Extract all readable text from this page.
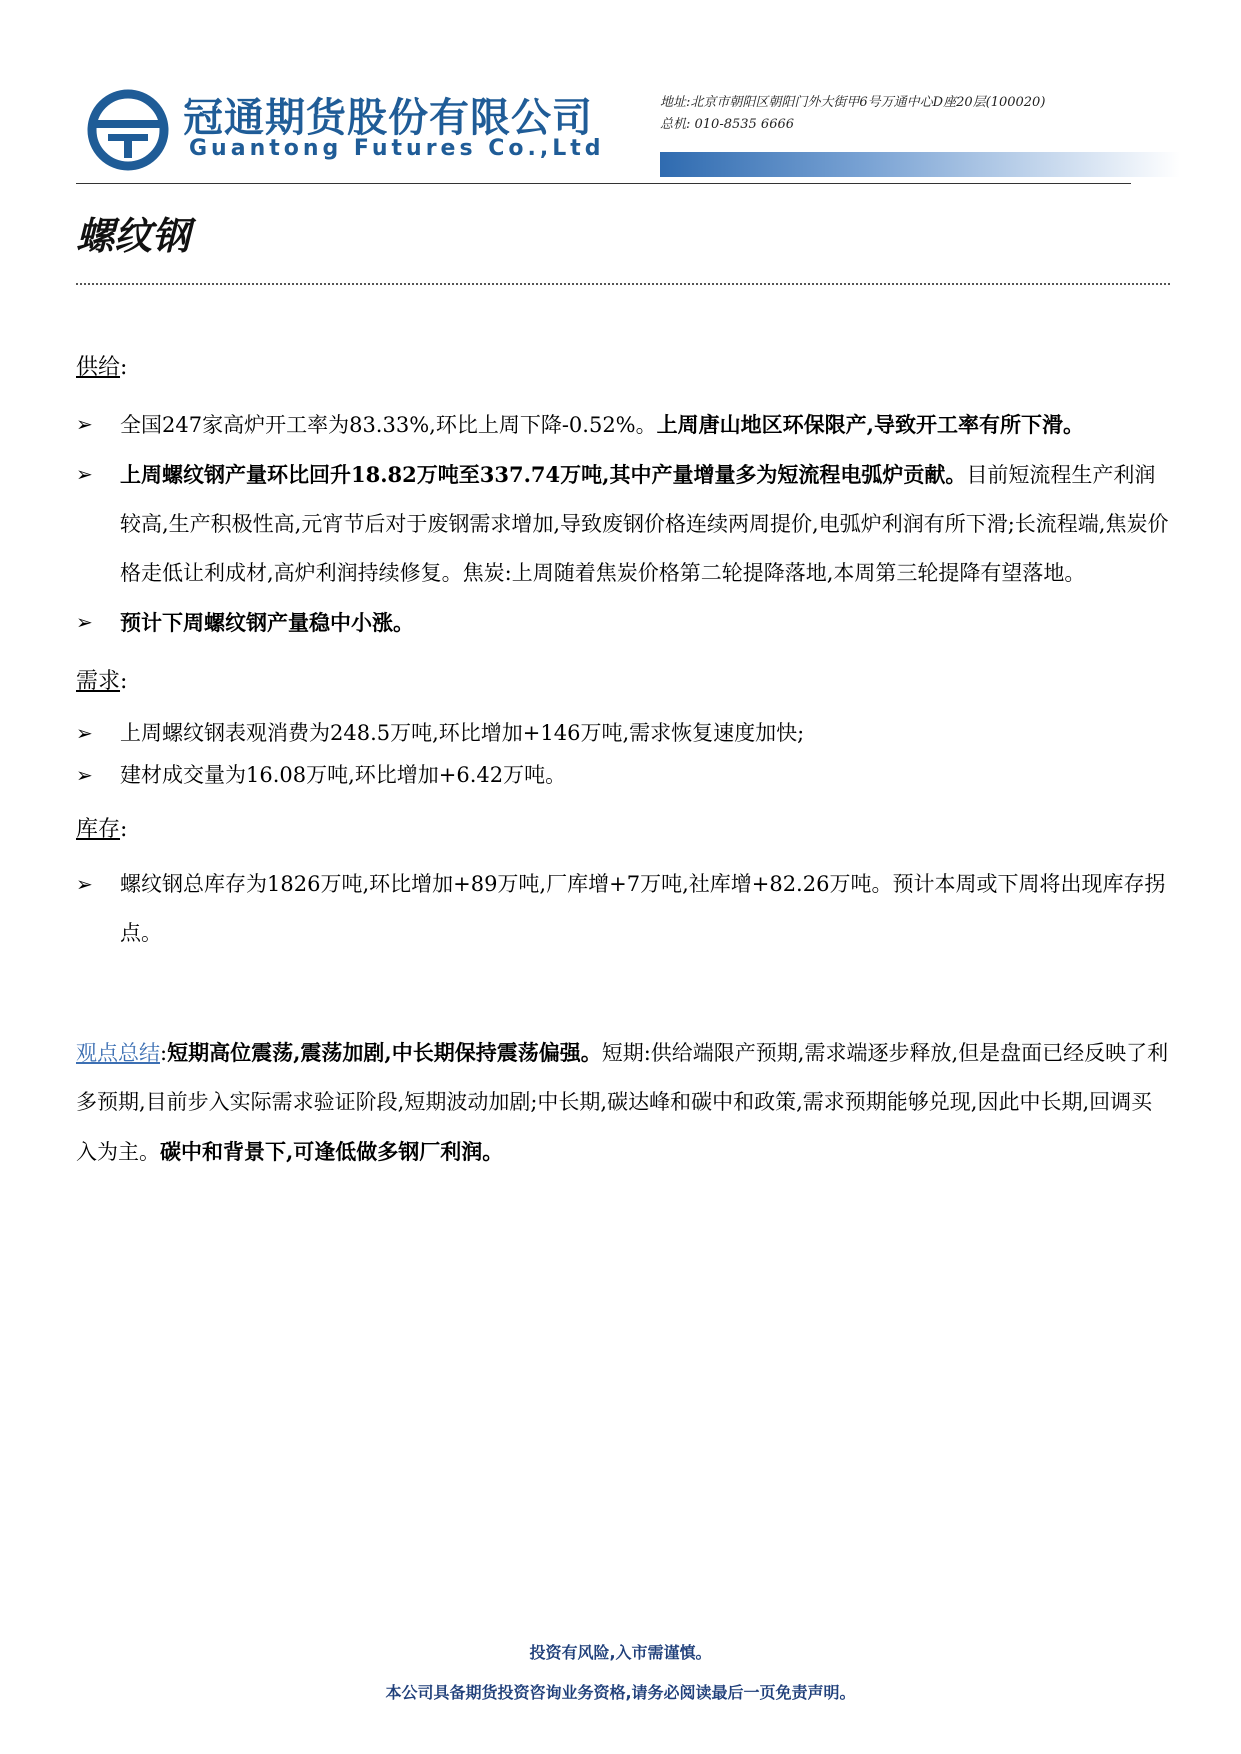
冠通期货股份有限公司
Guantong Futures Co.,Ltd
地址:北京市朝阳区朝阳门外大街甲6号万通中心D座20层(100020)
总机: 010-8535 6666
螺纹钢

供给:

➢ 全国247家高炉开工率为83.33%,环比上周下降-0.52%。上周唐山地区环保限产,导致开工率有所下滑。
➢ 上周螺纹钢产量环比回升18.82万吨至337.74万吨,其中产量增量多为短流程电弧炉贡献。目前短流程生产利润较高,生产积极性高,元宵节后对于废钢需求增加,导致废钢价格连续两周提价,电弧炉利润有所下滑;长流程端,焦炭价格走低让利成材,高炉利润持续修复。焦炭:上周随着焦炭价格第二轮提降落地,本周第三轮提降有望落地。
➢ 预计下周螺纹钢产量稳中小涨。

需求:

➢ 上周螺纹钢表观消费为248.5万吨,环比增加+146万吨,需求恢复速度加快;
➢ 建材成交量为16.08万吨,环比增加+6.42万吨。

库存:

➢ 螺纹钢总库存为1826万吨,环比增加+89万吨,厂库增+7万吨,社库增+82.26万吨。预计本周或下周将出现库存拐点。

观点总结:短期高位震荡,震荡加剧,中长期保持震荡偏强。短期:供给端限产预期,需求端逐步释放,但是盘面已经反映了利多预期,目前步入实际需求验证阶段,短期波动加剧;中长期,碳达峰和碳中和政策,需求预期能够兑现,因此中长期,回调买入为主。碳中和背景下,可逢低做多钢厂利润。

投资有风险,入市需谨慎。
本公司具备期货投资咨询业务资格,请务必阅读最后一页免责声明。
